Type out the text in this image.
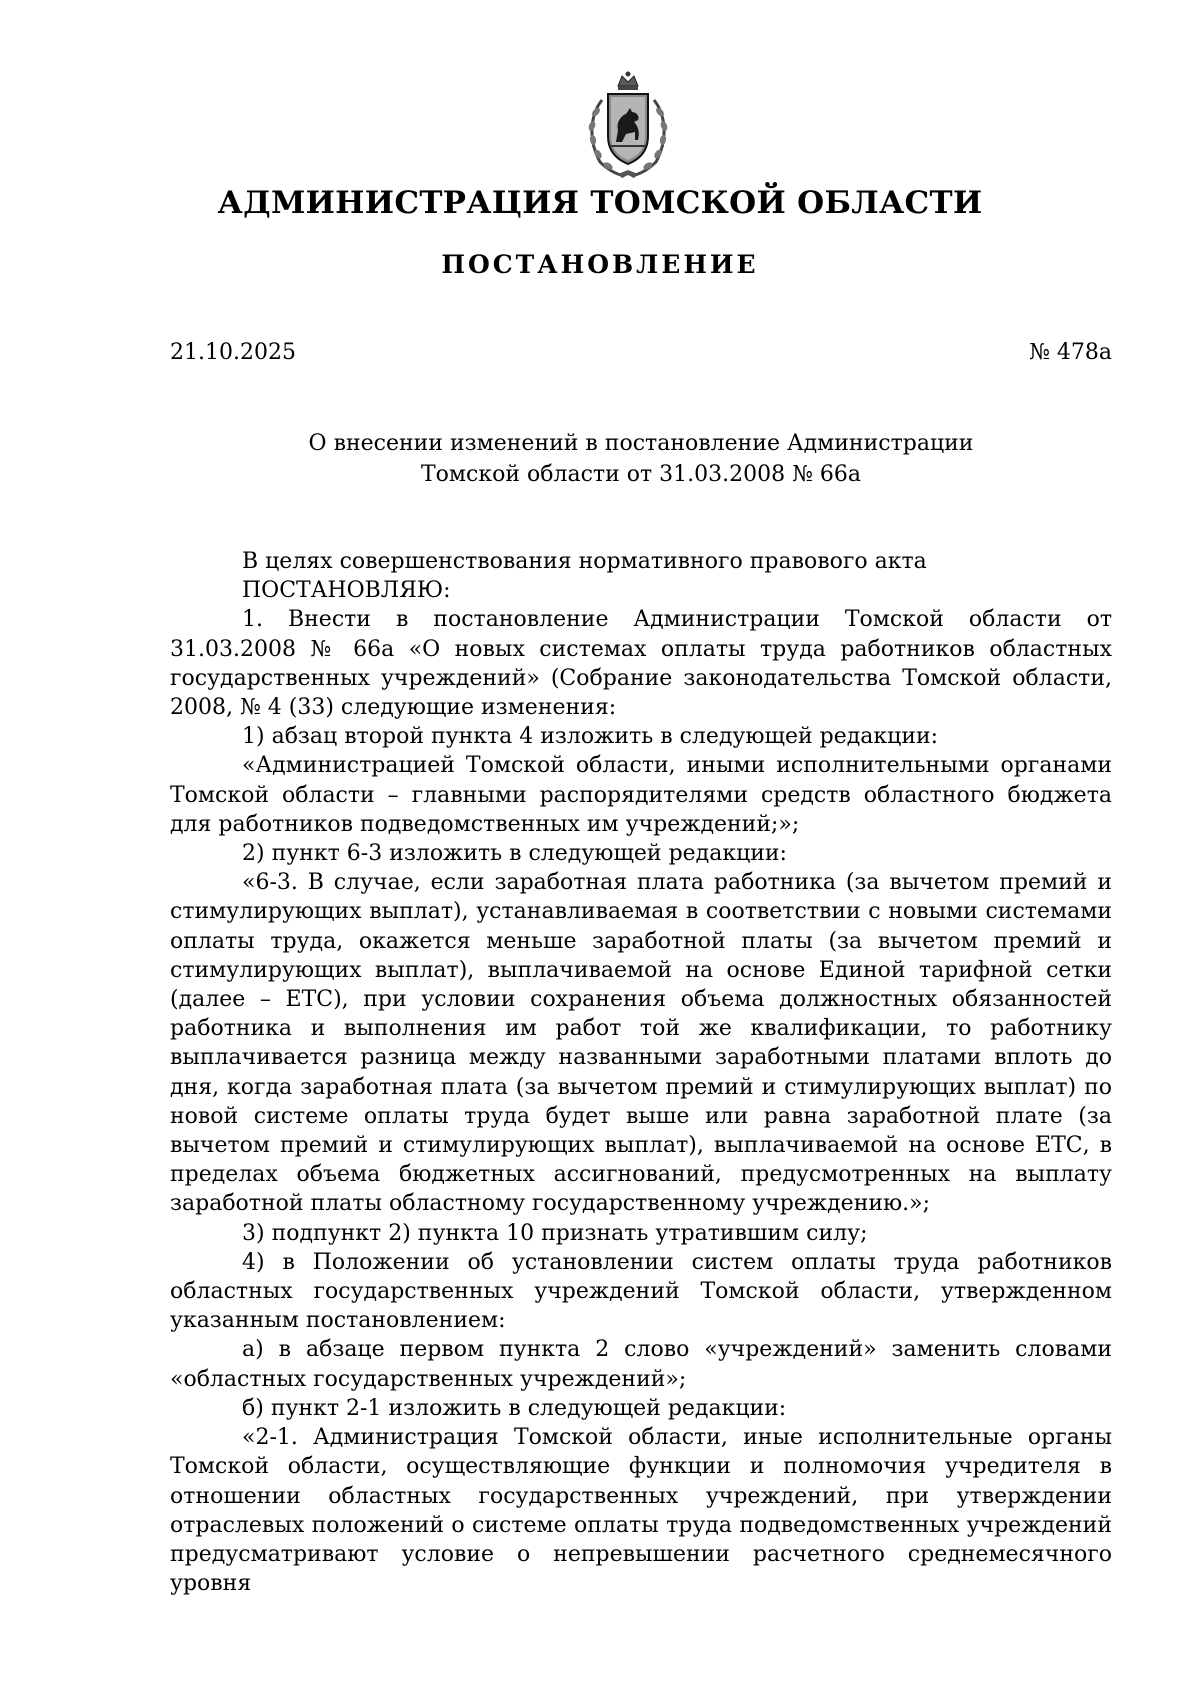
АДМИНИСТРАЦИЯ ТОМСКОЙ ОБЛАСТИ
ПОСТАНОВЛЕНИЕ
21.10.2025	№ 478а
О внесении изменений в постановление Администрации
Томской области от 31.03.2008 № 66а

В целях совершенствования нормативного правового акта

ПОСТАНОВЛЯЮ:

1. Внести в постановление Администрации Томской области от 31.03.2008 № 66а «О новых системах оплаты труда работников областных государственных учреждений» (Собрание законодательства Томской области, 2008, № 4 (33) следующие изменения:

1) абзац второй пункта 4 изложить в следующей редакции:

«Администрацией Томской области, иными исполнительными органами Томской области – главными распорядителями средств областного бюджета для работников подведомственных им учреждений;»;

2) пункт 6-3 изложить в следующей редакции:

«6-3. В случае, если заработная плата работника (за вычетом премий и стимулирующих выплат), устанавливаемая в соответствии с новыми системами оплаты труда, окажется меньше заработной платы (за вычетом премий и стимулирующих выплат), выплачиваемой на основе Единой тарифной сетки (далее – ЕТС), при условии сохранения объема должностных обязанностей работника и выполнения им работ той же квалификации, то работнику выплачивается разница между названными заработными платами вплоть до дня, когда заработная плата (за вычетом премий и стимулирующих выплат) по новой системе оплаты труда будет выше или равна заработной плате (за вычетом премий и стимулирующих выплат), выплачиваемой на основе ЕТС, в пределах объема бюджетных ассигнований, предусмотренных на выплату заработной платы областному государственному учреждению.»;

3) подпункт 2) пункта 10 признать утратившим силу;

4) в Положении об установлении систем оплаты труда работников областных государственных учреждений Томской области, утвержденном указанным постановлением:

а) в абзаце первом пункта 2 слово «учреждений» заменить словами «областных государственных учреждений»;

б) пункт 2-1 изложить в следующей редакции:

«2-1. Администрация Томской области, иные исполнительные органы Томской области, осуществляющие функции и полномочия учредителя в отношении областных государственных учреждений, при утверждении отраслевых положений о системе оплаты труда подведомственных учреждений предусматривают условие о непревышении расчетного среднемесячного уровня
